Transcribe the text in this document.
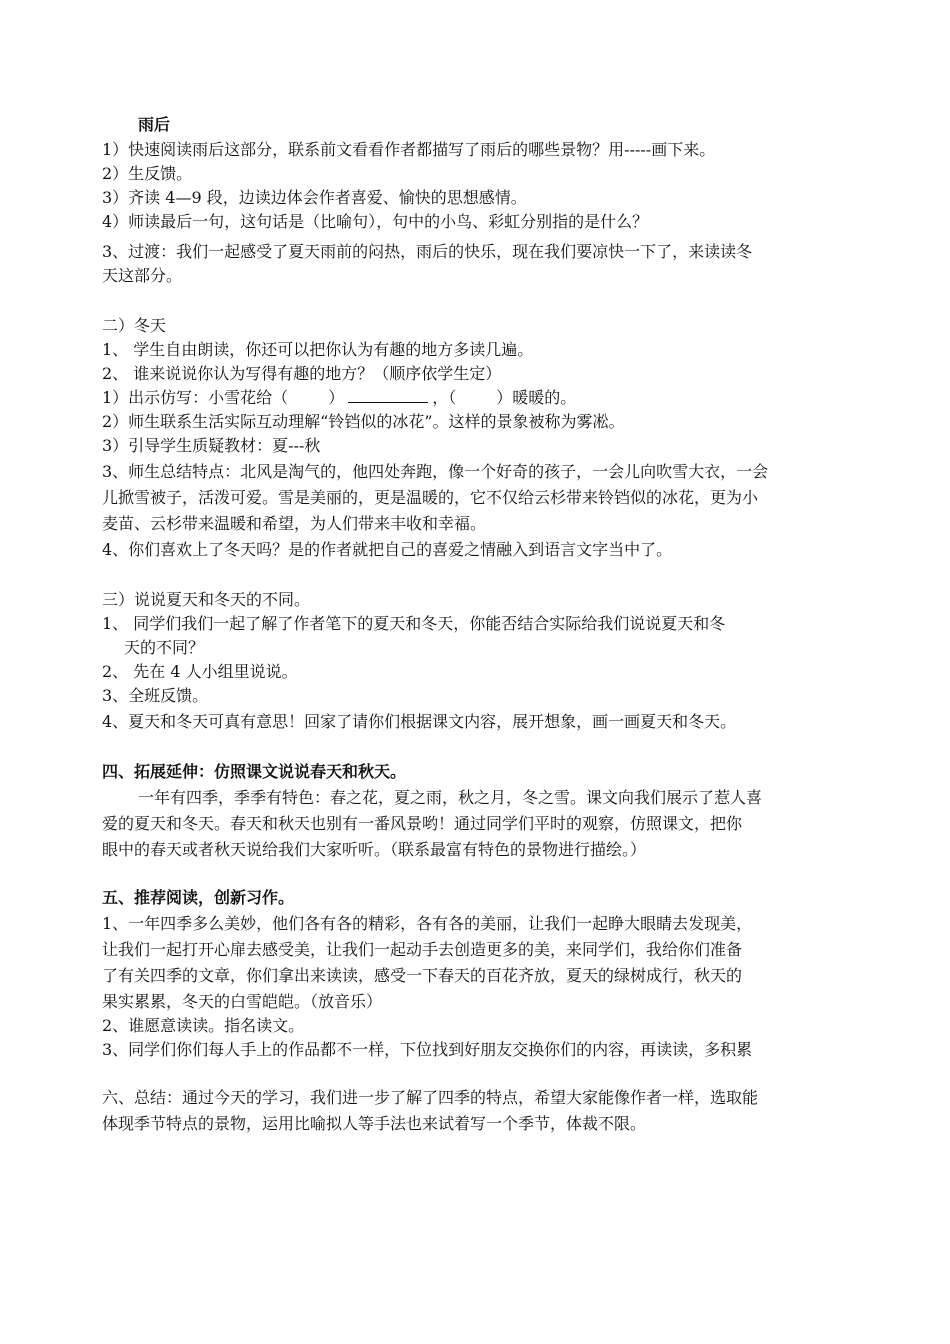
雨后
1）快速阅读雨后这部分，联系前文看看作者都描写了雨后的哪些景物？用-----画下来。
2）生反馈。
3）齐读 4—9 段，边读边体会作者喜爱、愉快的思想感情。
4）师读最后一句，这句话是（比喻句），句中的小鸟、彩虹分别指的是什么？
3、过渡：我们一起感受了夏天雨前的闷热，雨后的快乐，现在我们要凉快一下了，来读读冬
天这部分。
二）冬天
1、 学生自由朗读，你还可以把你认为有趣的地方多读几遍。
2、 谁来说说你认为写得有趣的地方？（顺序依学生定）
1）出示仿写：小雪花给（	）	，（	）暖暖的。
2）师生联系生活实际互动理解“铃铛似的冰花”。这样的景象被称为雾凇。
3）引导学生质疑教材：夏---秋
3、师生总结特点：北风是淘气的，他四处奔跑，像一个好奇的孩子，一会儿向吹雪大衣，一会
儿掀雪被子，活泼可爱。雪是美丽的，更是温暖的，它不仅给云杉带来铃铛似的冰花，更为小
麦苗、云杉带来温暖和希望，为人们带来丰收和幸福。
4、你们喜欢上了冬天吗？是的作者就把自己的喜爱之情融入到语言文字当中了。
三）说说夏天和冬天的不同。
1、 同学们我们一起了解了作者笔下的夏天和冬天，你能否结合实际给我们说说夏天和冬
天的不同？
2、 先在 4 人小组里说说。
3、全班反馈。
4、夏天和冬天可真有意思！回家了请你们根据课文内容，展开想象，画一画夏天和冬天。
四、拓展延伸：仿照课文说说春天和秋天。
一年有四季，季季有特色：春之花，夏之雨，秋之月，冬之雪。课文向我们展示了惹人喜
爱的夏天和冬天。春天和秋天也别有一番风景哟！通过同学们平时的观察，仿照课文，把你
眼中的春天或者秋天说给我们大家听听。（联系最富有特色的景物进行描绘。）
五、推荐阅读，创新习作。
1、一年四季多么美妙，他们各有各的精彩，各有各的美丽，让我们一起睁大眼睛去发现美，
让我们一起打开心扉去感受美，让我们一起动手去创造更多的美，来同学们，我给你们准备
了有关四季的文章，你们拿出来读读，感受一下春天的百花齐放，夏天的绿树成行，秋天的
果实累累，冬天的白雪皑皑。（放音乐）
2、谁愿意读读。指名读文。
3、同学们你们每人手上的作品都不一样，下位找到好朋友交换你们的内容，再读读，多积累
六、总结：通过今天的学习，我们进一步了解了四季的特点，希望大家能像作者一样，选取能
体现季节特点的景物，运用比喻拟人等手法也来试着写一个季节，体裁不限。
